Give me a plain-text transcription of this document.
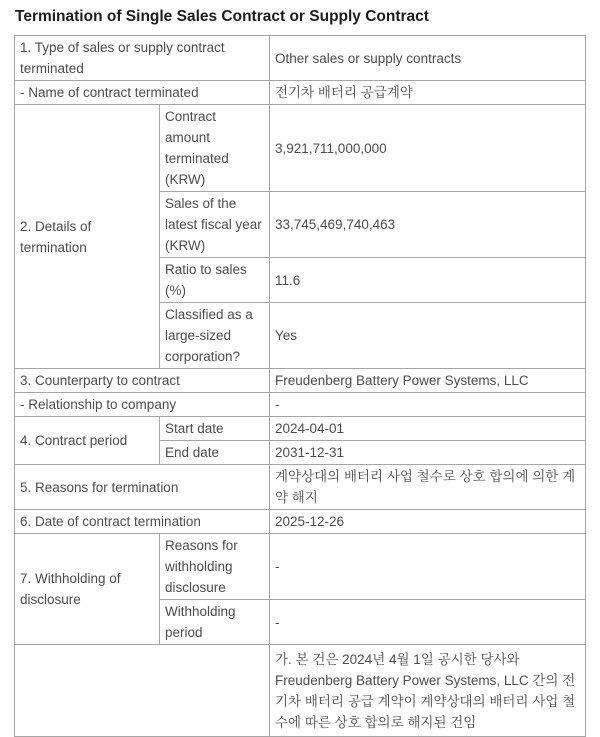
Termination of Single Sales Contract or Supply Contract
1. Type of sales or supply contract terminated		Other sales or supply contracts
- Name of contract terminated		전기차 배터리 공급계약
2. Details of termination	Contract amount terminated (KRW)	3,921,711,000,000
	Sales of the latest fiscal year (KRW)	33,745,469,740,463
	Ratio to sales (%)	11.6
	Classified as a large-sized corporation?	Yes
3. Counterparty to contract		Freudenberg Battery Power Systems, LLC
- Relationship to company		-
4. Contract period	Start date	2024-04-01
	End date	2031-12-31
5. Reasons for termination		계약상대의 배터리 사업 철수로 상호 합의에 의한 계약 해지
6. Date of contract termination		2025-12-26
7. Withholding of disclosure	Reasons for withholding disclosure	-
	Withholding period	-
		가. 본 건은 2024년 4월 1일 공시한 당사와 Freudenberg Battery Power Systems, LLC 간의 전기차 배터리 공급 계약이 계약상대의 배터리 사업 철수에 따른 상호 합의로 해지된 건임
